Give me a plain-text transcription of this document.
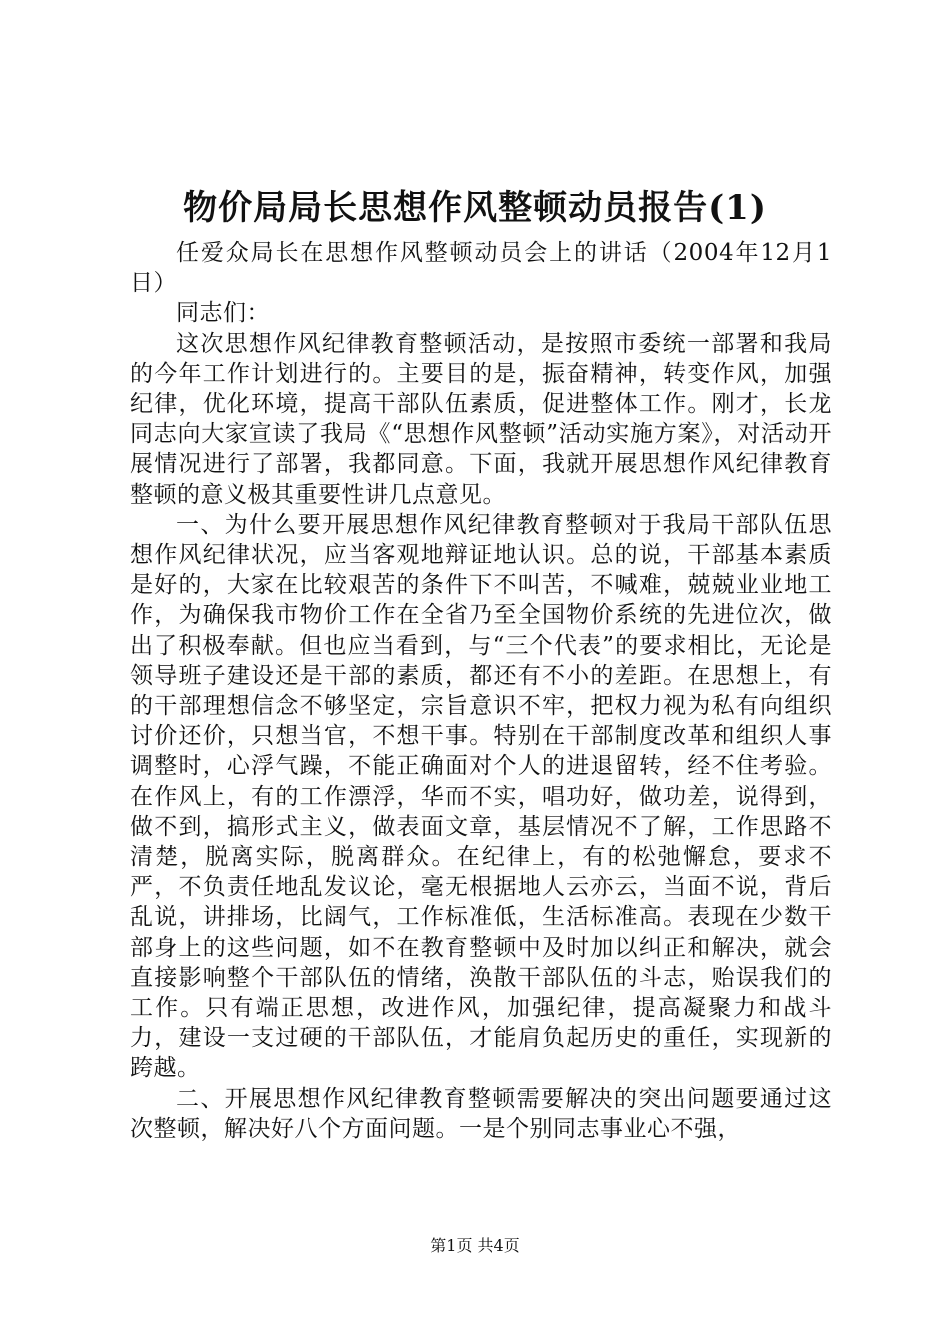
物价局局长思想作风整顿动员报告(1)

任爱众局长在思想作风整顿动员会上的讲话（2004年12月1日）

同志们：

这次思想作风纪律教育整顿活动，是按照市委统一部署和我局的今年工作计划进行的。主要目的是，振奋精神，转变作风，加强纪律，优化环境，提高干部队伍素质，促进整体工作。刚才，长龙同志向大家宣读了我局《“思想作风整顿”活动实施方案》，对活动开展情况进行了部署，我都同意。下面，我就开展思想作风纪律教育整顿的意义极其重要性讲几点意见。

一、为什么要开展思想作风纪律教育整顿对于我局干部队伍思想作风纪律状况，应当客观地辩证地认识。总的说，干部基本素质是好的，大家在比较艰苦的条件下不叫苦，不喊难，兢兢业业地工作，为确保我市物价工作在全省乃至全国物价系统的先进位次，做出了积极奉献。但也应当看到，与“三个代表”的要求相比，无论是领导班子建设还是干部的素质，都还有不小的差距。在思想上，有的干部理想信念不够坚定，宗旨意识不牢，把权力视为私有向组织讨价还价，只想当官，不想干事。特别在干部制度改革和组织人事调整时，心浮气躁，不能正确面对个人的进退留转，经不住考验。在作风上，有的工作漂浮，华而不实，唱功好，做功差，说得到，做不到，搞形式主义，做表面文章，基层情况不了解，工作思路不清楚，脱离实际，脱离群众。在纪律上，有的松弛懈怠，要求不严，不负责任地乱发议论，毫无根据地人云亦云，当面不说，背后乱说，讲排场，比阔气，工作标准低，生活标准高。表现在少数干部身上的这些问题，如不在教育整顿中及时加以纠正和解决，就会直接影响整个干部队伍的情绪，涣散干部队伍的斗志，贻误我们的工作。只有端正思想，改进作风，加强纪律，提高凝聚力和战斗力，建设一支过硬的干部队伍，才能肩负起历史的重任，实现新的跨越。

二、开展思想作风纪律教育整顿需要解决的突出问题要通过这次整顿，解决好八个方面问题。一是个别同志事业心不强，

第1页 共4页
